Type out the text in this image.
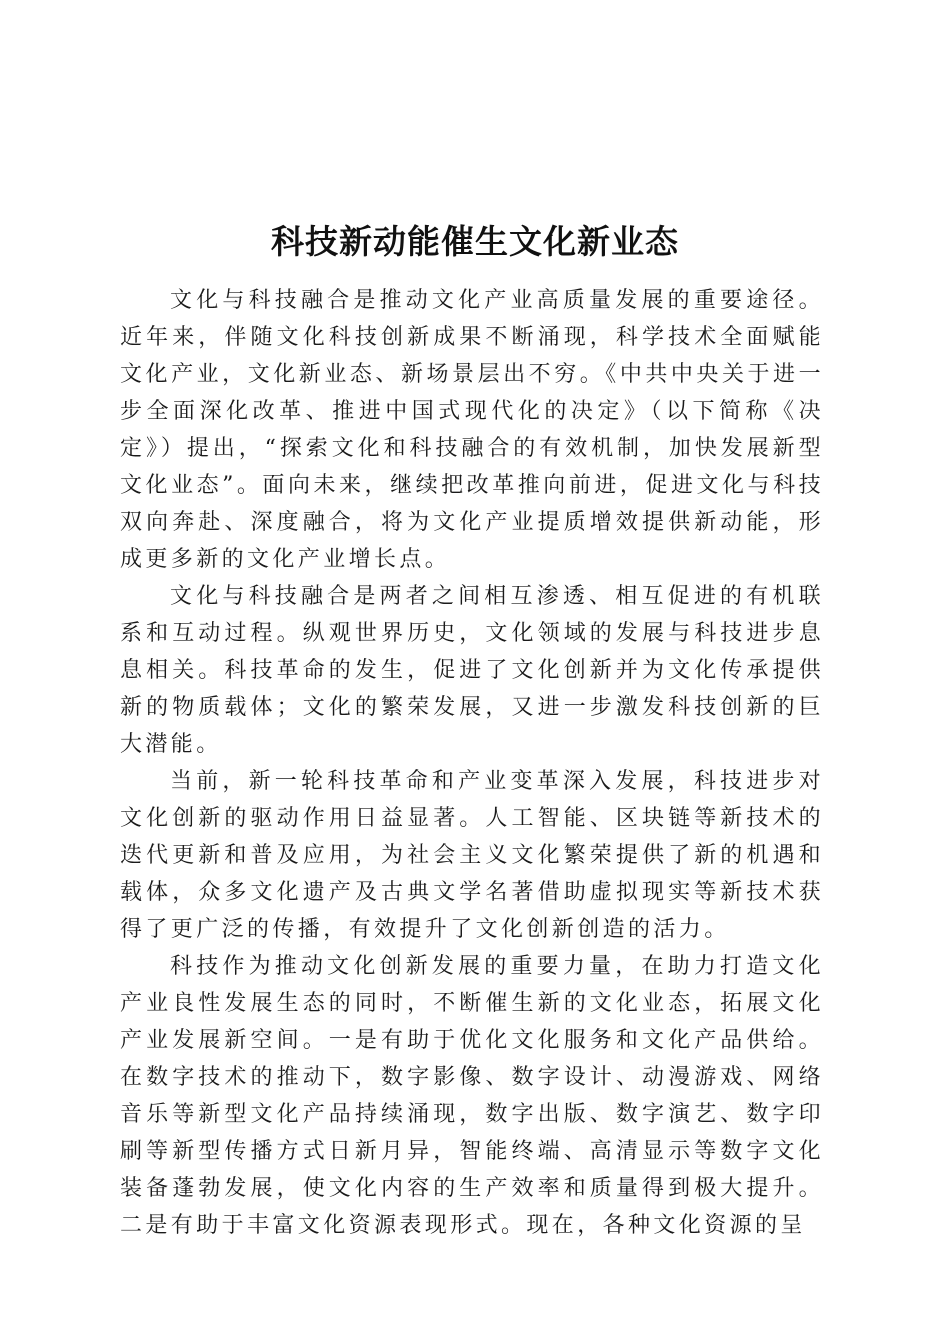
科技新动能催生文化新业态

文化与科技融合是推动文化产业高质量发展的重要途径。近年来，伴随文化科技创新成果不断涌现，科学技术全面赋能文化产业，文化新业态、新场景层出不穷。《中共中央关于进一步全面深化改革、推进中国式现代化的决定》（以下简称《决定》）提出，“探索文化和科技融合的有效机制，加快发展新型文化业态”。面向未来，继续把改革推向前进，促进文化与科技双向奔赴、深度融合，将为文化产业提质增效提供新动能，形成更多新的文化产业增长点。

文化与科技融合是两者之间相互渗透、相互促进的有机联系和互动过程。纵观世界历史，文化领域的发展与科技进步息息相关。科技革命的发生，促进了文化创新并为文化传承提供新的物质载体；文化的繁荣发展，又进一步激发科技创新的巨大潜能。

当前，新一轮科技革命和产业变革深入发展，科技进步对文化创新的驱动作用日益显著。人工智能、区块链等新技术的迭代更新和普及应用，为社会主义文化繁荣提供了新的机遇和载体，众多文化遗产及古典文学名著借助虚拟现实等新技术获得了更广泛的传播，有效提升了文化创新创造的活力。

科技作为推动文化创新发展的重要力量，在助力打造文化产业良性发展生态的同时，不断催生新的文化业态，拓展文化产业发展新空间。一是有助于优化文化服务和文化产品供给。在数字技术的推动下，数字影像、数字设计、动漫游戏、网络音乐等新型文化产品持续涌现，数字出版、数字演艺、数字印刷等新型传播方式日新月异，智能终端、高清显示等数字文化装备蓬勃发展，使文化内容的生产效率和质量得到极大提升。二是有助于丰富文化资源表现形式。现在，各种文化资源的呈
